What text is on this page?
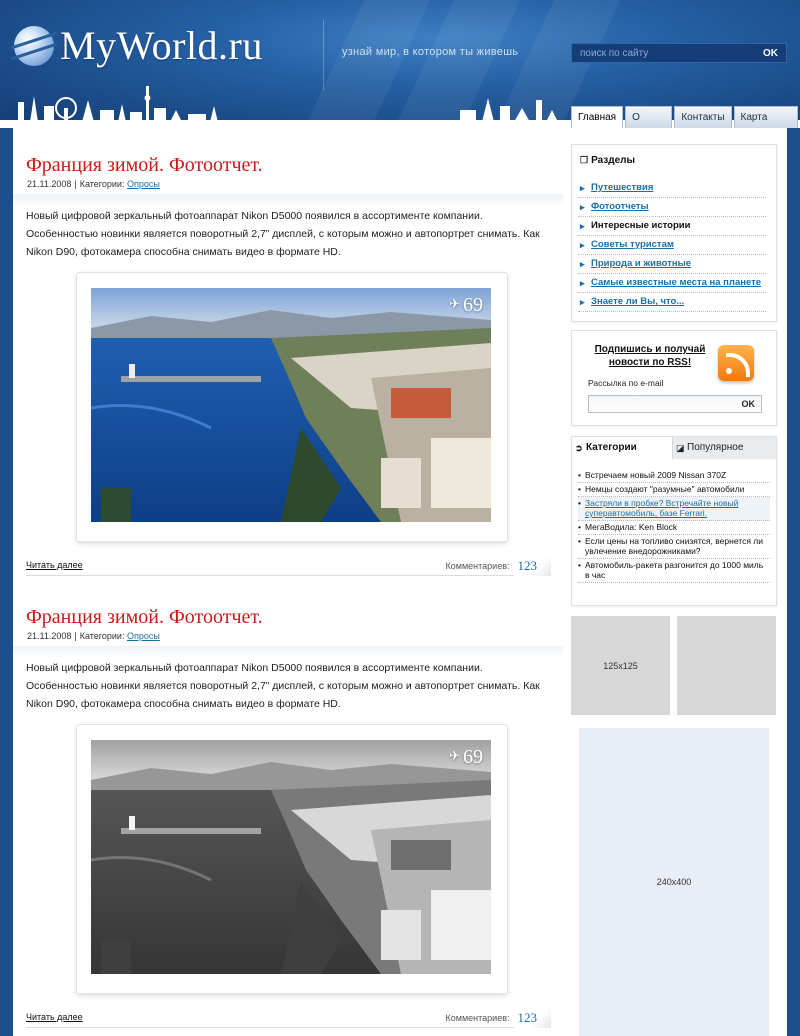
MyWorld.ru	узнай мир, в котором ты живешь
поиск по сайту	OK
Главная	О	Контакты	Карта
Франция зимой. Фотоотчет.
21.11.2008 | Категории: Опросы
Новый цифровой зеркальный фотоаппарат Nikon D5000 появился в ассортименте компании. Особенностью новинки является поворотный 2,7” дисплей, с которым можно и автопортрет снимать. Как Nikon D90, фотокамера способна снимать видео в формате HD.
✈ 69
Читать далее	Комментариев: 123
Франция зимой. Фотоотчет.
21.11.2008 | Категории: Опросы
Новый цифровой зеркальный фотоаппарат Nikon D5000 появился в ассортименте компании. Особенностью новинки является поворотный 2,7” дисплей, с которым можно и автопортрет снимать. Как Nikon D90, фотокамера способна снимать видео в формате HD.
✈ 69
Читать далее	Комментариев: 123
❐ Разделы
▸ Путешествия
▸ Фотоотчеты
▸ Интересные истории
▸ Советы туристам
▸ Природа и животные
▸ Самые известные места на планете
▸ Знаете ли Вы, что...
Подпишись и получай
новости по RSS!
Рассылка по e-mail
OK
➲ Категории	◪ Популярное
• Встречаем новый 2009 Nissan 370Z
• Немцы создают "разумные" автомобили
• Застряли в пробке? Встречайте новый суперавтомобиль, базе Ferrari.
• МегаВодила: Ken Block
• Если цены на топливо снизятся, вернется ли увлечение внедорожниками?
• Автомобиль-ракета разгонится до 1000 миль в час
125x125
240x400
